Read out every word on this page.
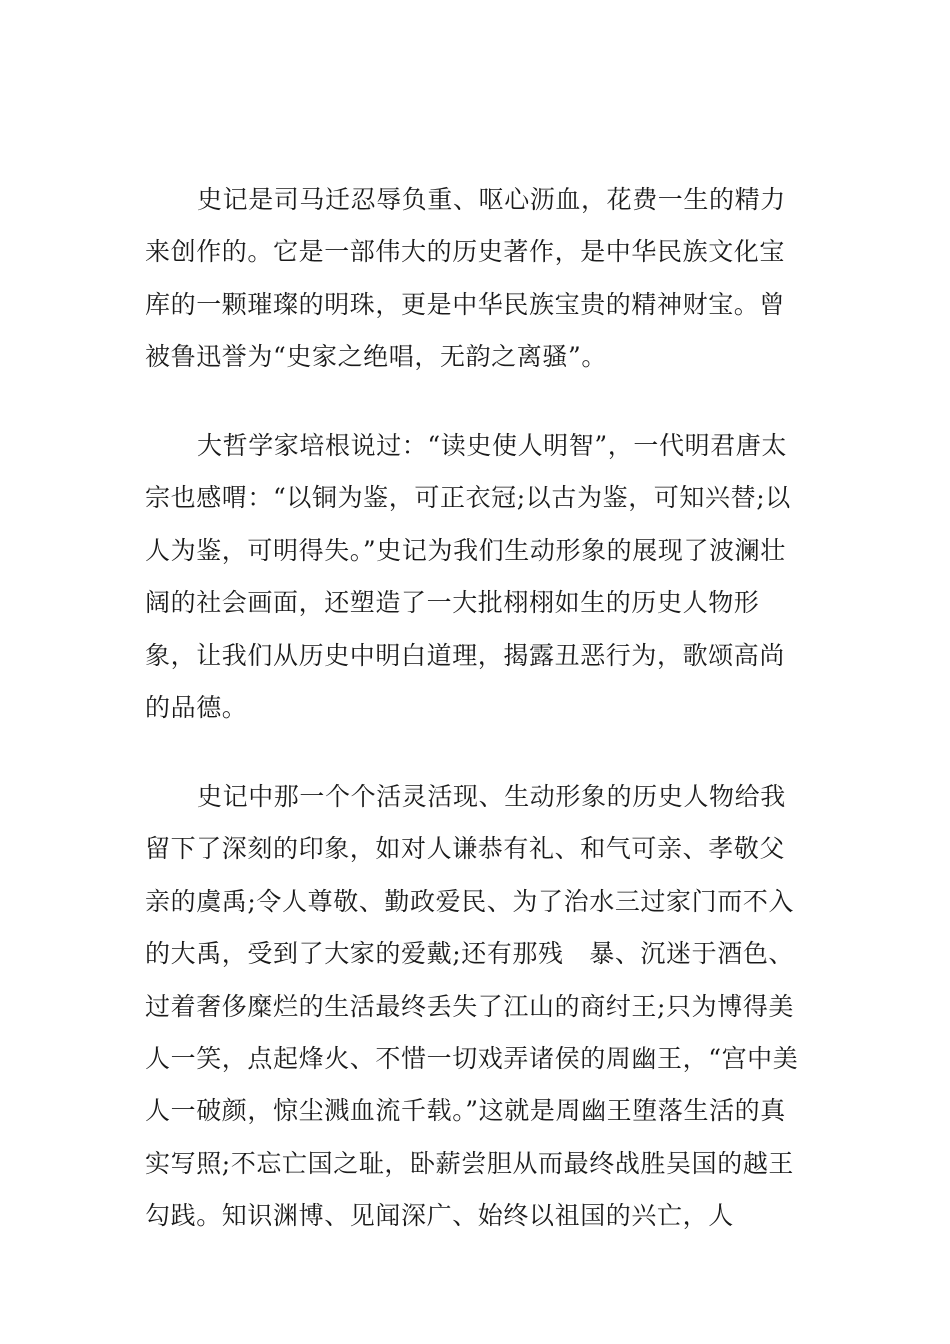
史记是司马迁忍辱负重、呕心沥血，花费一生的精力来创作的。它是一部伟大的历史著作，是中华民族文化宝库的一颗璀璨的明珠，更是中华民族宝贵的精神财宝。曾被鲁迅誉为“史家之绝唱，无韵之离骚”。

大哲学家培根说过：“读史使人明智”，一代明君唐太宗也感喟：“以铜为鉴，可正衣冠;以古为鉴，可知兴替;以人为鉴，可明得失。”史记为我们生动形象的展现了波澜壮阔的社会画面，还塑造了一大批栩栩如生的历史人物形象，让我们从历史中明白道理，揭露丑恶行为，歌颂高尚的品德。

史记中那一个个活灵活现、生动形象的历史人物给我留下了深刻的印象，如对人谦恭有礼、和气可亲、孝敬父亲的虞禹;令人尊敬、勤政爱民、为了治水三过家门而不入的大禹，受到了大家的爱戴;还有那残　暴、沉迷于酒色、过着奢侈糜烂的生活最终丢失了江山的商纣王;只为博得美人一笑，点起烽火、不惜一切戏弄诸侯的周幽王，“宫中美人一破颜，惊尘溅血流千载。”这就是周幽王堕落生活的真实写照;不忘亡国之耻，卧薪尝胆从而最终战胜吴国的越王勾践。知识渊博、见闻深广、始终以祖国的兴亡，人
